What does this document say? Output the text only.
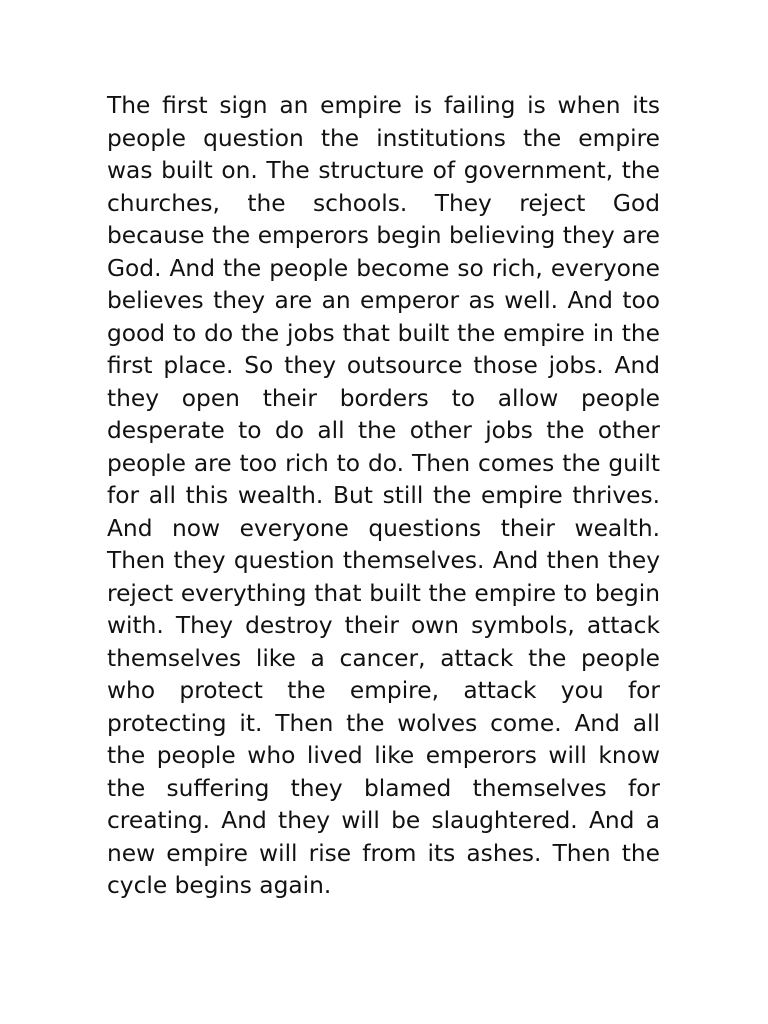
The first sign an empire is failing is when its people question the institutions the empire was built on. The structure of government, the churches, the schools. They reject God because the emperors begin believing they are God. And the people become so rich, everyone believes they are an emperor as well. And too good to do the jobs that built the empire in the first place. So they outsource those jobs. And they open their borders to allow people desperate to do all the other jobs the other people are too rich to do. Then comes the guilt for all this wealth. But still the empire thrives. And now everyone questions their wealth. Then they question themselves. And then they reject everything that built the empire to begin with. They destroy their own symbols, attack themselves like a cancer, attack the people who protect the empire, attack you for protecting it. Then the wolves come. And all the people who lived like emperors will know the suffering they blamed themselves for creating. And they will be slaughtered. And a new empire will rise from its ashes. Then the cycle begins again.
